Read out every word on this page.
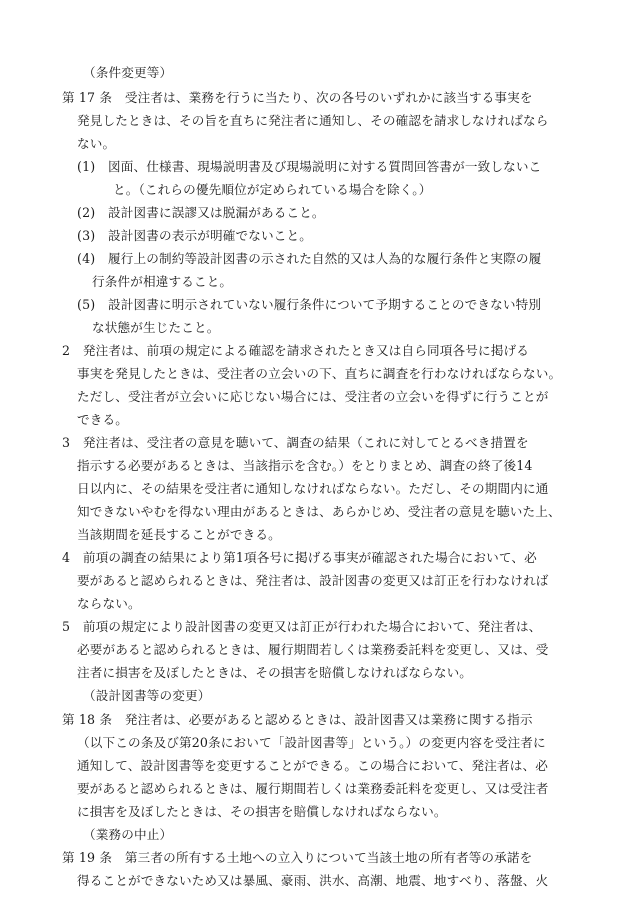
（条件変更等）
第 17 条　受注者は、業務を行うに当たり、次の各号のいずれかに該当する事実を
発見したときは、その旨を直ちに発注者に通知し、その確認を請求しなければなら
ない。
(1)　図面、仕様書、現場説明書及び現場説明に対する質問回答書が一致しないこ
と。（これらの優先順位が定められている場合を除く。）
(2)　設計図書に誤謬又は脱漏があること。
(3)　設計図書の表示が明確でないこと。
(4)　履行上の制約等設計図書の示された自然的又は人為的な履行条件と実際の履
行条件が相違すること。
(5)　設計図書に明示されていない履行条件について予期することのできない特別
な状態が生じたこと。
2　発注者は、前項の規定による確認を請求されたとき又は自ら同項各号に掲げる
事実を発見したときは、受注者の立会いの下、直ちに調査を行わなければならない。
ただし、受注者が立会いに応じない場合には、受注者の立会いを得ずに行うことが
できる。
3　発注者は、受注者の意見を聴いて、調査の結果（これに対してとるべき措置を
指示する必要があるときは、当該指示を含む。）をとりまとめ、調査の終了後14
日以内に、その結果を受注者に通知しなければならない。ただし、その期間内に通
知できないやむを得ない理由があるときは、あらかじめ、受注者の意見を聴いた上、
当該期間を延長することができる。
4　前項の調査の結果により第1項各号に掲げる事実が確認された場合において、必
要があると認められるときは、発注者は、設計図書の変更又は訂正を行わなければ
ならない。
5　前項の規定により設計図書の変更又は訂正が行われた場合において、発注者は、
必要があると認められるときは、履行期間若しくは業務委託料を変更し、又は、受
注者に損害を及ぼしたときは、その損害を賠償しなければならない。
（設計図書等の変更）
第 18 条　発注者は、必要があると認めるときは、設計図書又は業務に関する指示
（以下この条及び第20条において「設計図書等」という。）の変更内容を受注者に
通知して、設計図書等を変更することができる。この場合において、発注者は、必
要があると認められるときは、履行期間若しくは業務委託料を変更し、又は受注者
に損害を及ぼしたときは、その損害を賠償しなければならない。
（業務の中止）
第 19 条　第三者の所有する土地への立入りについて当該土地の所有者等の承諾を
得ることができないため又は暴風、豪雨、洪水、高潮、地震、地すべり、落盤、火
